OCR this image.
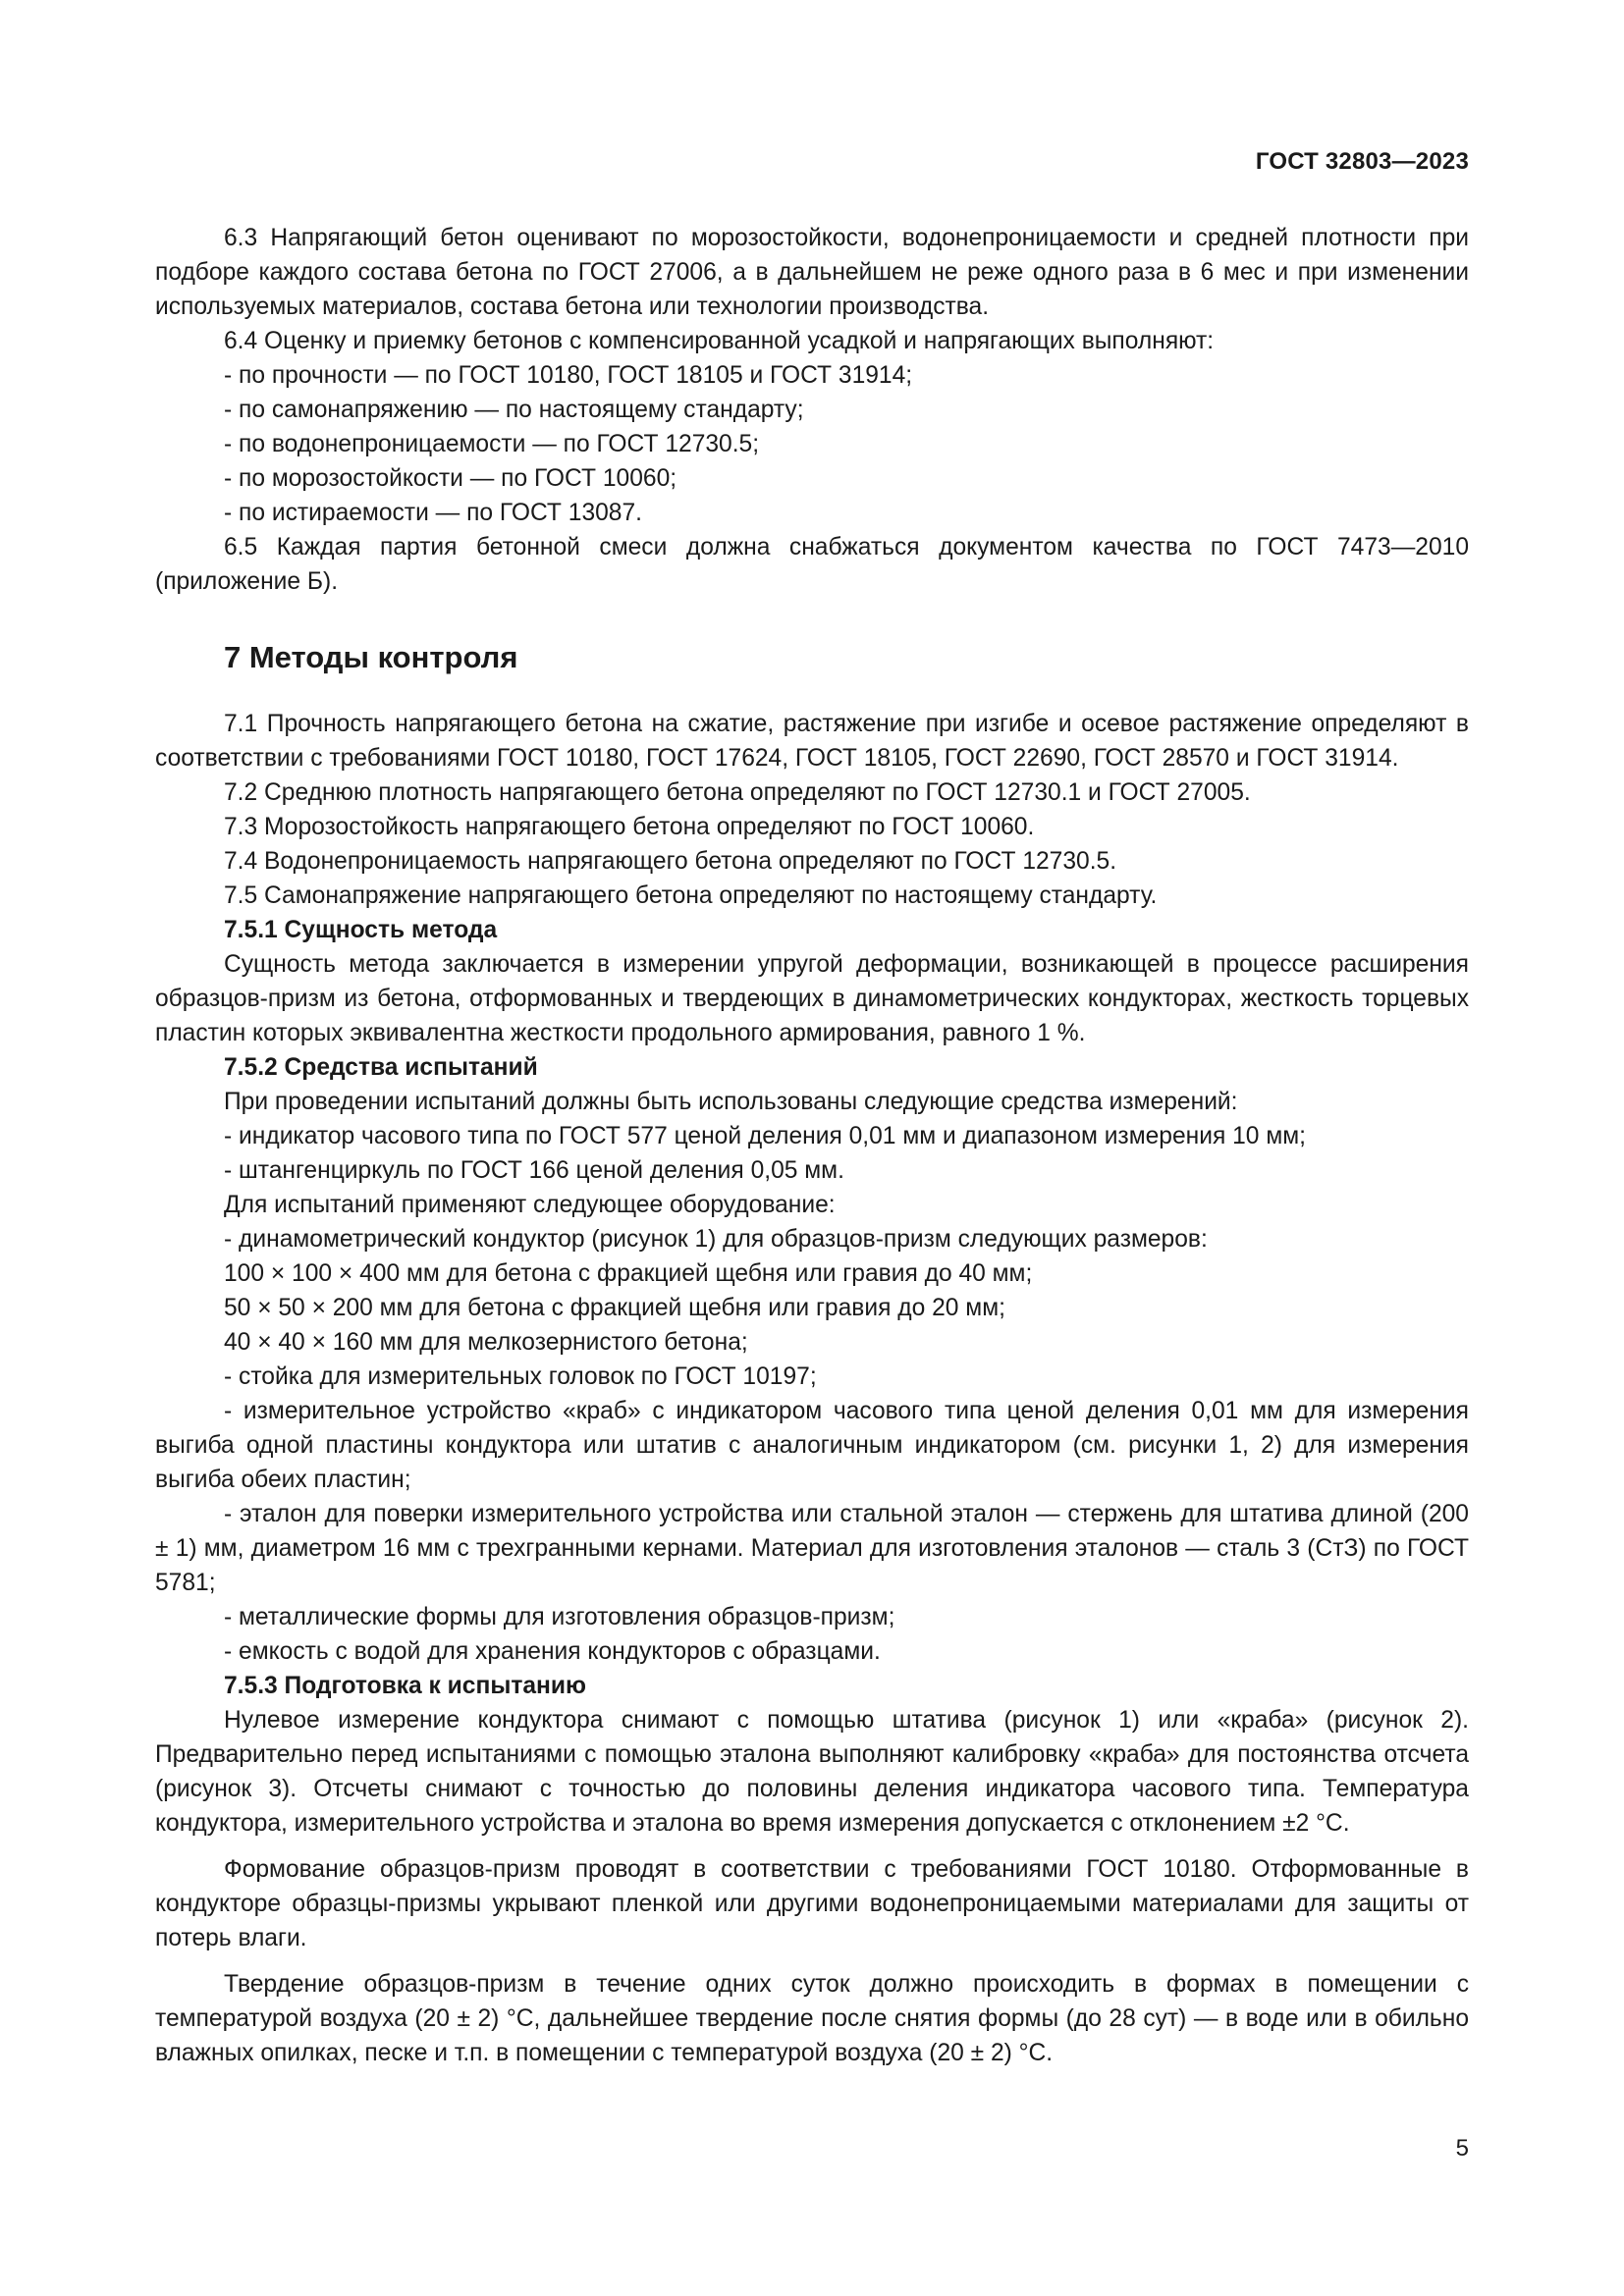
ГОСТ 32803—2023

6.3 Напрягающий бетон оценивают по морозостойкости, водонепроницаемости и средней плотности при подборе каждого состава бетона по ГОСТ 27006, а в дальнейшем не реже одного раза в 6 мес и при изменении используемых материалов, состава бетона или технологии производства.

6.4 Оценку и приемку бетонов с компенсированной усадкой и напрягающих выполняют:

- по прочности — по ГОСТ 10180, ГОСТ 18105 и ГОСТ 31914;

- по самонапряжению — по настоящему стандарту;

- по водонепроницаемости — по ГОСТ 12730.5;

- по морозостойкости — по ГОСТ 10060;

- по истираемости — по ГОСТ 13087.

6.5 Каждая партия бетонной смеси должна снабжаться документом качества по ГОСТ 7473—2010 (приложение Б).

7 Методы контроля

7.1 Прочность напрягающего бетона на сжатие, растяжение при изгибе и осевое растяжение определяют в соответствии с требованиями ГОСТ 10180, ГОСТ 17624, ГОСТ 18105, ГОСТ 22690, ГОСТ 28570 и ГОСТ 31914.

7.2 Среднюю плотность напрягающего бетона определяют по ГОСТ 12730.1 и ГОСТ 27005.

7.3 Морозостойкость напрягающего бетона определяют по ГОСТ 10060.

7.4 Водонепроницаемость напрягающего бетона определяют по ГОСТ 12730.5.

7.5 Самонапряжение напрягающего бетона определяют по настоящему стандарту.

7.5.1 Сущность метода

Сущность метода заключается в измерении упругой деформации, возникающей в процессе расширения образцов-призм из бетона, отформованных и твердеющих в динамометрических кондукторах, жесткость торцевых пластин которых эквивалентна жесткости продольного армирования, равного 1 %.

7.5.2 Средства испытаний

При проведении испытаний должны быть использованы следующие средства измерений:

- индикатор часового типа по ГОСТ 577 ценой деления 0,01 мм и диапазоном измерения 10 мм;

- штангенциркуль по ГОСТ 166 ценой деления 0,05 мм.

Для испытаний применяют следующее оборудование:

- динамометрический кондуктор (рисунок 1) для образцов-призм следующих размеров:

100 × 100 × 400 мм для бетона с фракцией щебня или гравия до 40 мм;

50 × 50 × 200 мм для бетона с фракцией щебня или гравия до 20 мм;

40 × 40 × 160 мм для мелкозернистого бетона;

- стойка для измерительных головок по ГОСТ 10197;

- измерительное устройство «краб» с индикатором часового типа ценой деления 0,01 мм для измерения выгиба одной пластины кондуктора или штатив с аналогичным индикатором (см. рисунки 1, 2) для измерения выгиба обеих пластин;

- эталон для поверки измерительного устройства или стальной эталон — стержень для штатива длиной (200 ± 1) мм, диаметром 16 мм с трехгранными кернами. Материал для изготовления эталонов — сталь 3 (СтЗ) по ГОСТ 5781;

- металлические формы для изготовления образцов-призм;

- емкость с водой для хранения кондукторов с образцами.

7.5.3 Подготовка к испытанию

Нулевое измерение кондуктора снимают с помощью штатива (рисунок 1) или «краба» (рисунок 2). Предварительно перед испытаниями с помощью эталона выполняют калибровку «краба» для постоянства отсчета (рисунок 3). Отсчеты снимают с точностью до половины деления индикатора часового типа. Температура кондуктора, измерительного устройства и эталона во время измерения допускается с отклонением ±2 °С.

Формование образцов-призм проводят в соответствии с требованиями ГОСТ 10180. Отформованные в кондукторе образцы-призмы укрывают пленкой или другими водонепроницаемыми материалами для защиты от потерь влаги.

Твердение образцов-призм в течение одних суток должно происходить в формах в помещении с температурой воздуха (20 ± 2) °С, дальнейшее твердение после снятия формы (до 28 сут) — в воде или в обильно влажных опилках, песке и т.п. в помещении с температурой воздуха (20 ± 2) °С.

5
